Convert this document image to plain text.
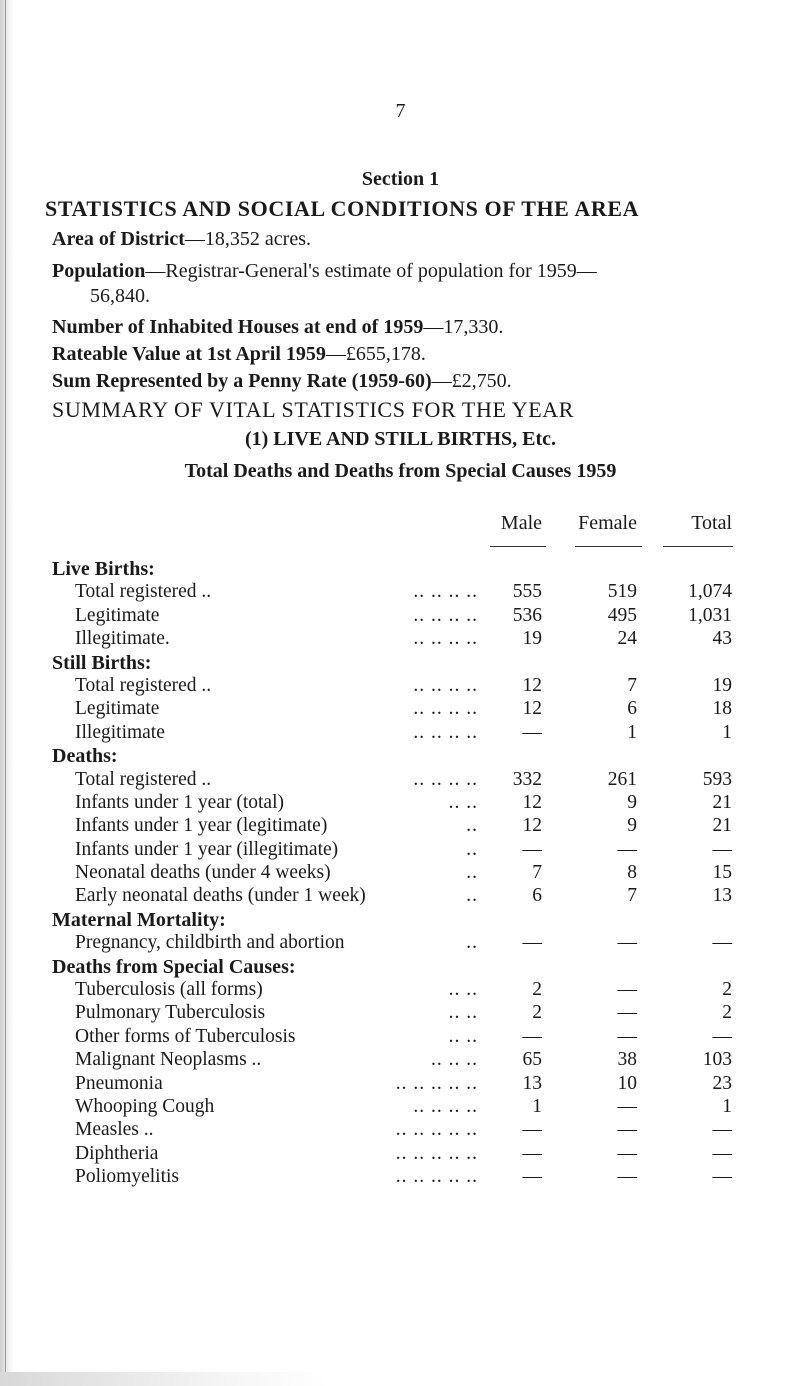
7
Section 1
STATISTICS AND SOCIAL CONDITIONS OF THE AREA
Area of District—18,352 acres.
Population—Registrar-General's estimate of population for 1959—
56,840.
Number of Inhabited Houses at end of 1959—17,330.
Rateable Value at 1st April 1959—£655,178.
Sum Represented by a Penny Rate (1959-60)—£2,750.
SUMMARY OF VITAL STATISTICS FOR THE YEAR
(1) LIVE AND STILL BIRTHS, Etc.
Total Deaths and Deaths from Special Causes 1959
Male	Female	Total
Live Births:
Total registered ..	.. .. .. ..	555	519	1,074
Legitimate	.. .. .. ..	536	495	1,031
Illegitimate.	.. .. .. ..	19	24	43
Still Births:
Total registered ..	.. .. .. ..	12	7	19
Legitimate	.. .. .. ..	12	6	18
Illegitimate	.. .. .. ..	—	1	1
Deaths:
Total registered ..	.. .. .. ..	332	261	593
Infants under 1 year (total)	.. ..	12	9	21
Infants under 1 year (legitimate)	..	12	9	21
Infants under 1 year (illegitimate)	..	—	—	—
Neonatal deaths (under 4 weeks)	..	7	8	15
Early neonatal deaths (under 1 week)	..	6	7	13
Maternal Mortality:
Pregnancy, childbirth and abortion	..	—	—	—
Deaths from Special Causes:
Tuberculosis (all forms)	.. ..	2	—	2
Pulmonary Tuberculosis	.. ..	2	—	2
Other forms of Tuberculosis	.. ..	—	—	—
Malignant Neoplasms ..	.. .. ..	65	38	103
Pneumonia	.. .. .. .. ..	13	10	23
Whooping Cough	.. .. .. ..	1	—	1
Measles ..	.. .. .. .. ..	—	—	—
Diphtheria	.. .. .. .. ..	—	—	—
Poliomyelitis	.. .. .. .. ..	—	—	—
